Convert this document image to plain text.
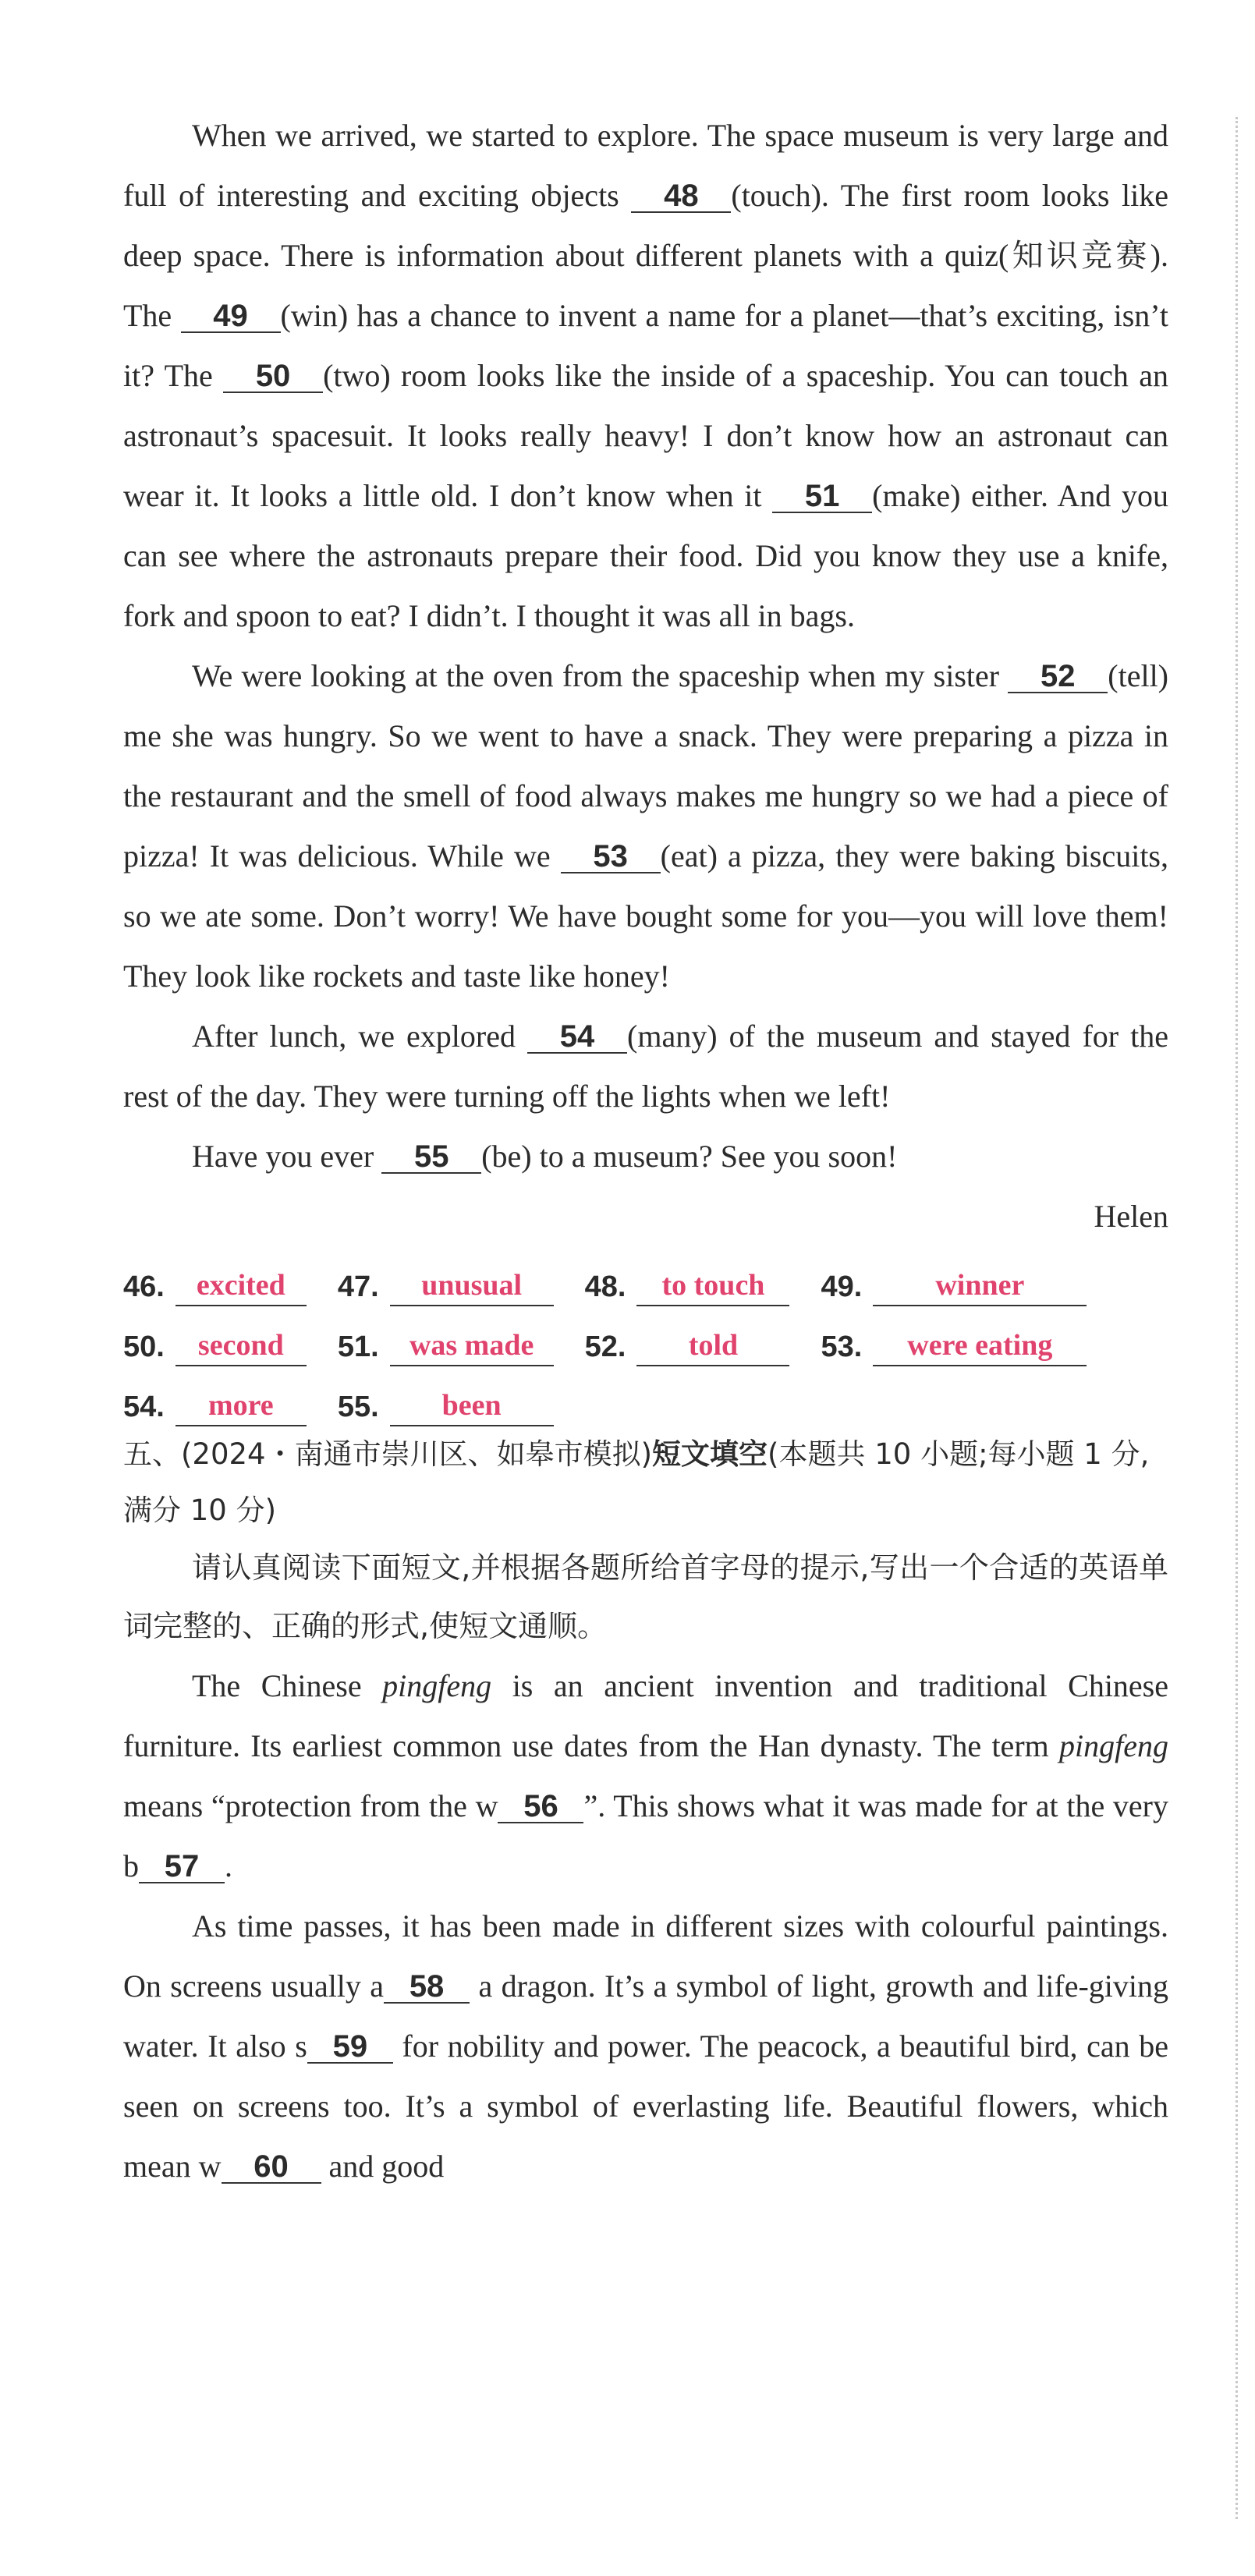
When we arrived, we started to explore. The space museum is very large and full of interesting and exciting objects 48 (touch). The first room looks like deep space. There is information about different planets with a quiz(知识竞赛). The 49 (win) has a chance to invent a name for a planet—that’s exciting, isn’t it? The 50 (two) room looks like the inside of a spaceship. You can touch an astronaut’s spacesuit. It looks really heavy! I don’t know how an astronaut can wear it. It looks a little old. I don’t know when it 51 (make) either. And you can see where the astronauts prepare their food. Did you know they use a knife, fork and spoon to eat? I didn’t. I thought it was all in bags.

We were looking at the oven from the spaceship when my sister 52 (tell) me she was hungry. So we went to have a snack. They were preparing a pizza in the restaurant and the smell of food always makes me hungry so we had a piece of pizza! It was delicious. While we 53 (eat) a pizza, they were baking biscuits, so we ate some. Don’t worry! We have bought some for you—you will love them! They look like rockets and taste like honey!

After lunch, we explored 54 (many) of the museum and stayed for the rest of the day. They were turning off the lights when we left!

Have you ever 55 (be) to a museum? See you soon!

Helen

46.	excited	47.	unusual	48.	to touch	49.	winner
50.	second	51.	was made	52.	told	53.	were eating
54.	more	55.	been

五、(2024・南通市崇川区、如皋市模拟)短文填空(本题共 10 小题;每小题 1 分,满分 10 分)

请认真阅读下面短文,并根据各题所给首字母的提示,写出一个合适的英语单词完整的、正确的形式,使短文通顺。

The Chinese pingfeng is an ancient invention and traditional Chinese furniture. Its earliest common use dates from the Han dynasty. The term pingfeng means “protection from the w 56 ”. This shows what it was made for at the very b 57 .

As time passes, it has been made in different sizes with colourful paintings. On screens usually a 58 a dragon. It’s a symbol of light, growth and life-giving water. It also s 59 for nobility and power. The peacock, a beautiful bird, can be seen on screens too. It’s a symbol of everlasting life. Beautiful flowers, which mean w 60 and good
